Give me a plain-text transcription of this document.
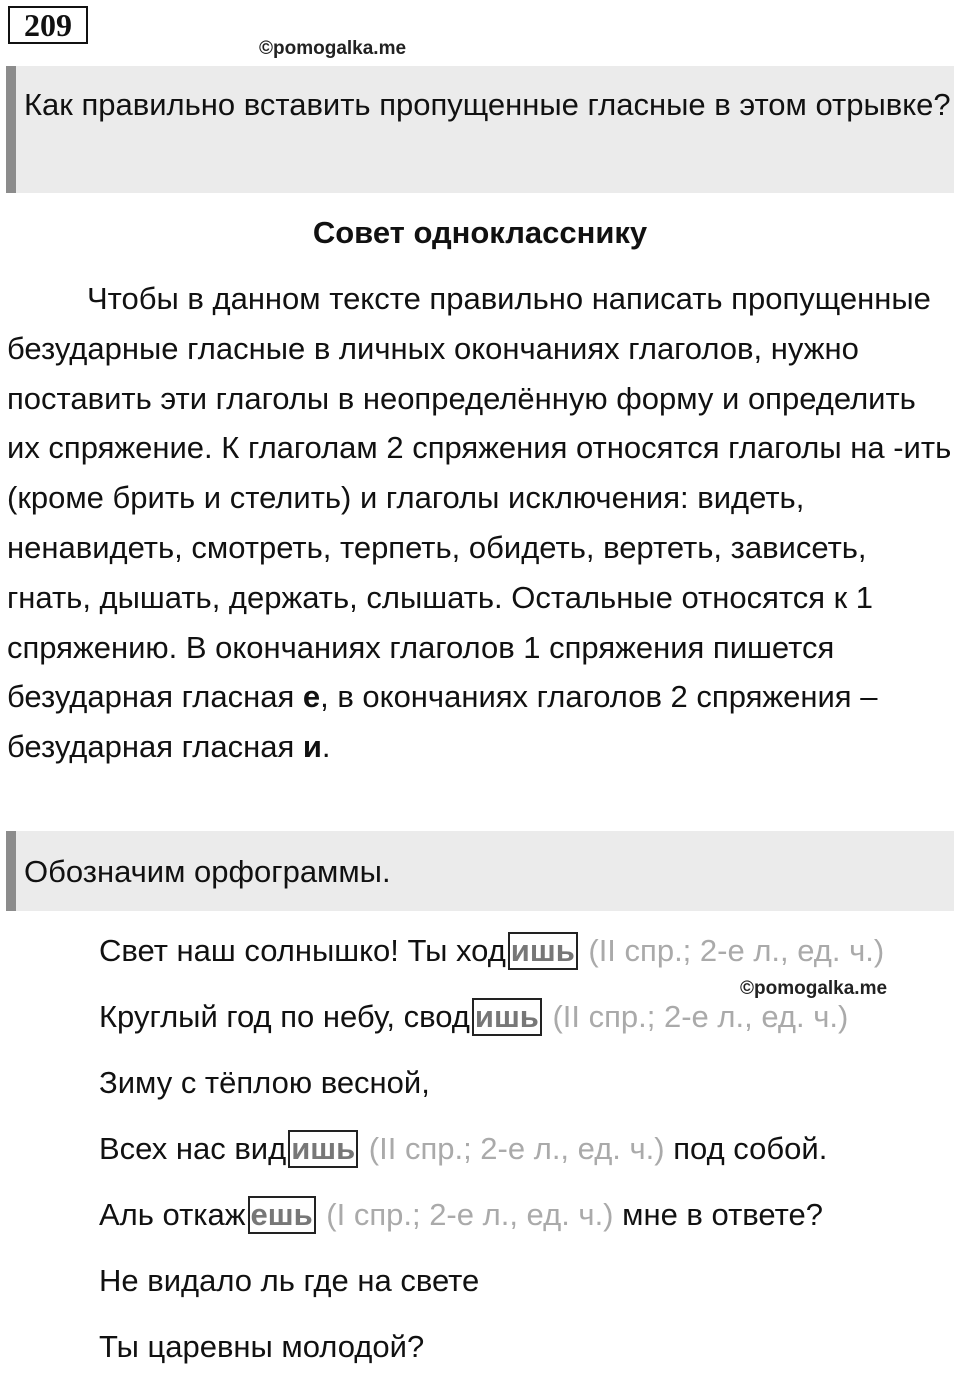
209
©pomogalka.me
Как правильно вставить пропущенные гласные в этом отрывке?
Совет однокласснику
Чтобы в данном тексте правильно написать пропущенные безударные гласные в личных окончаниях глаголов, нужно поставить эти глаголы в неопределённую форму и определить их спряжение. К глаголам 2 спряжения относятся глаголы на -ить (кроме брить и стелить) и глаголы исключения: видеть, ненавидеть, смотреть, терпеть, обидеть, вертеть, зависеть, гнать, дышать, держать, слышать. Остальные относятся к 1 спряжению. В окончаниях глаголов 1 спряжения пишется безударная гласная е, в окончаниях глаголов 2 спряжения – безударная гласная и.
Обозначим орфограммы.
©pomogalka.me
Свет наш солнышко! Ты ход ишь (II спр.; 2-е л., ед. ч.)
Круглый год по небу, свод ишь (II спр.; 2-е л., ед. ч.)
Зиму с тёплою весной,
Всех нас вид ишь (II спр.; 2-е л., ед. ч.) под собой.
Аль откаж ешь (I спр.; 2-е л., ед. ч.) мне в ответе?
Не видало ль где на свете
Ты царевны молодой?
